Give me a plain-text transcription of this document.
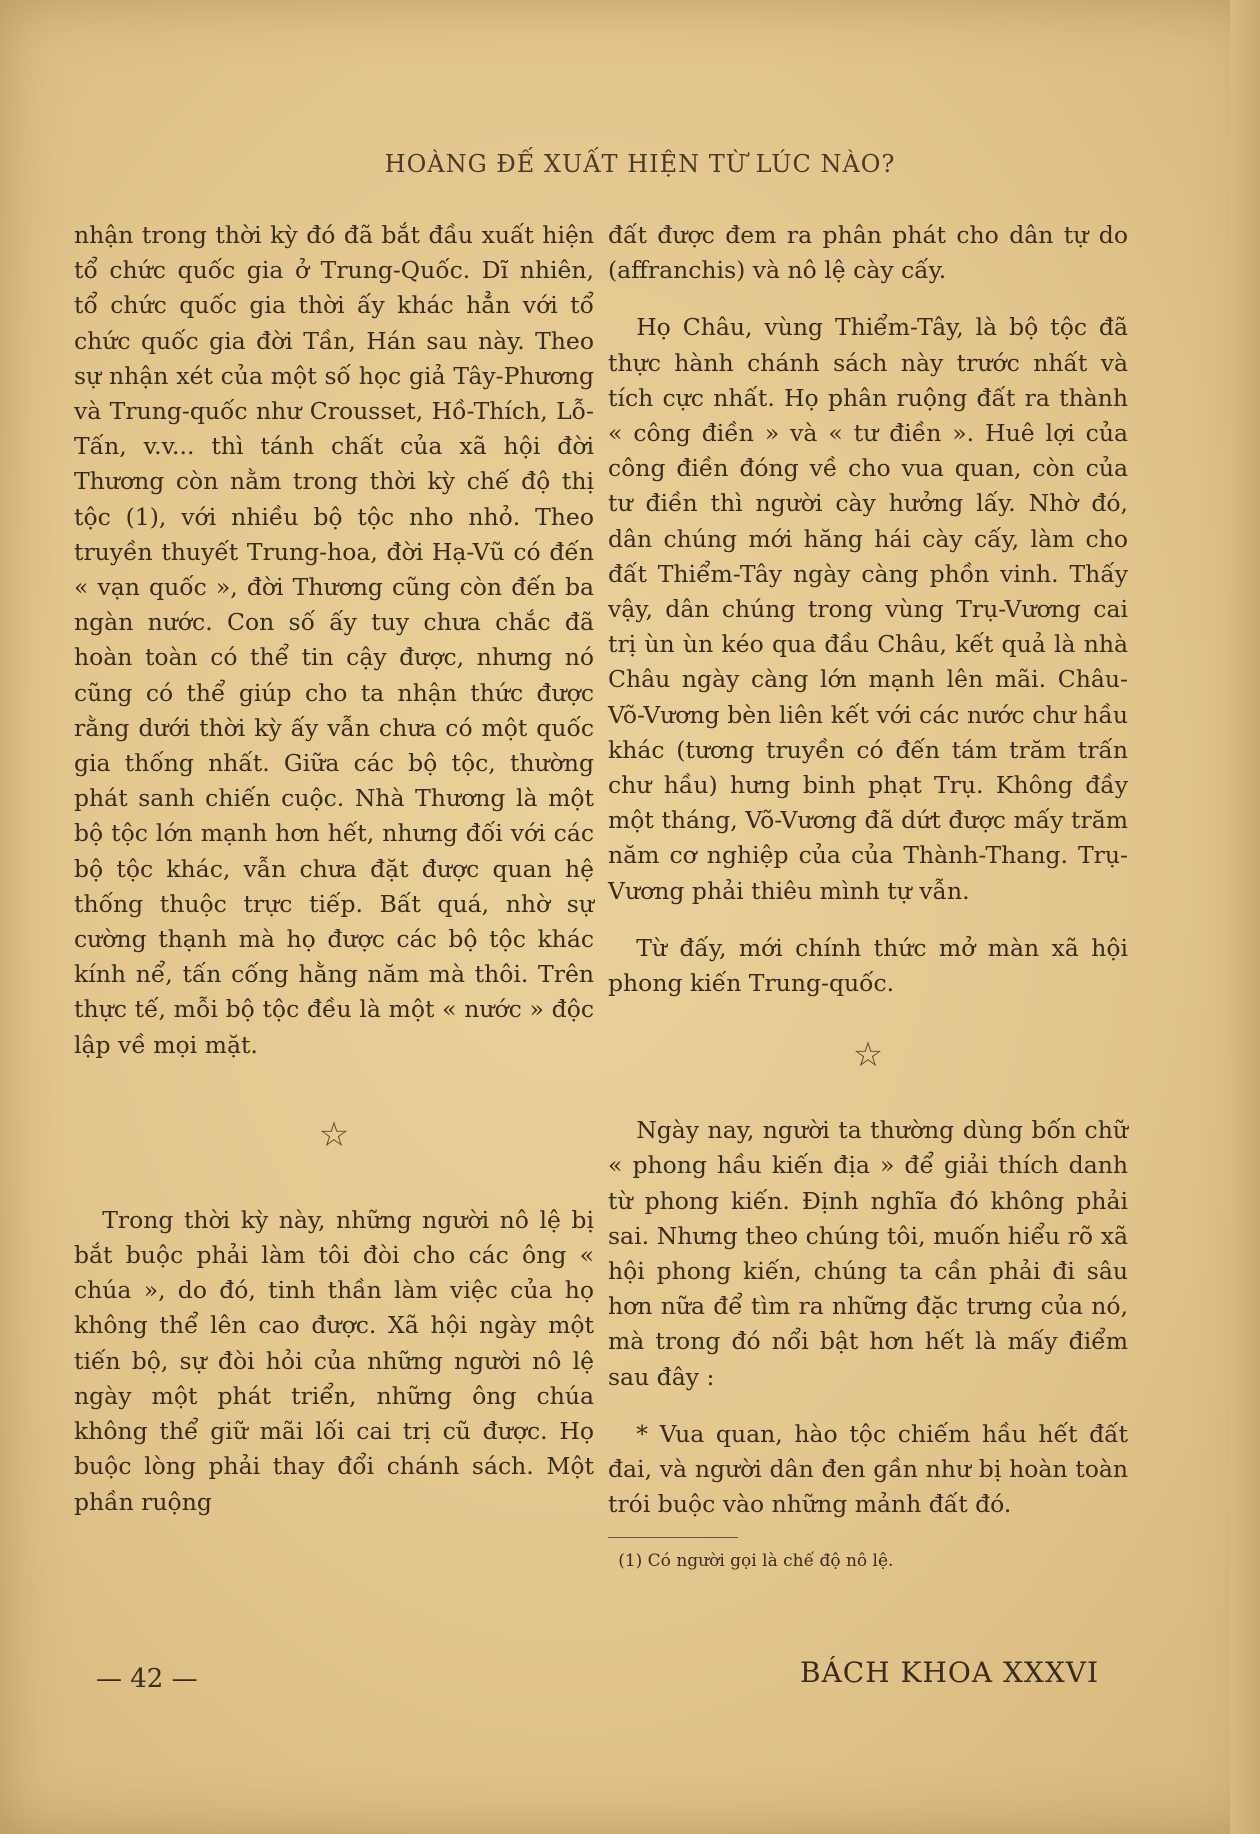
HOÀNG ĐẾ XUẤT HIỆN TỪ LÚC NÀO?

nhận trong thời kỳ đó đã bắt đầu xuất hiện tổ chức quốc gia ở Trung-Quốc. Dĩ nhiên, tổ chức quốc gia thời ấy khác hẳn với tổ chức quốc gia đời Tần, Hán sau này. Theo sự nhận xét của một số học giả Tây-Phương và Trung-quốc như Crousset, Hồ-Thích, Lỗ-Tấn, v.v... thì tánh chất của xã hội đời Thương còn nằm trong thời kỳ chế độ thị tộc (1), với nhiều bộ tộc nho nhỏ. Theo truyền thuyết Trung-hoa, đời Hạ-Vũ có đến « vạn quốc », đời Thương cũng còn đến ba ngàn nước. Con số ấy tuy chưa chắc đã hoàn toàn có thể tin cậy được, nhưng nó cũng có thể giúp cho ta nhận thức được rằng dưới thời kỳ ấy vẫn chưa có một quốc gia thống nhất. Giữa các bộ tộc, thường phát sanh chiến cuộc. Nhà Thương là một bộ tộc lớn mạnh hơn hết, nhưng đối với các bộ tộc khác, vẫn chưa đặt được quan hệ thống thuộc trực tiếp. Bất quá, nhờ sự cường thạnh mà họ được các bộ tộc khác kính nể, tấn cống hằng năm mà thôi. Trên thực tế, mỗi bộ tộc đều là một « nước » độc lập về mọi mặt.

☆

Trong thời kỳ này, những người nô lệ bị bắt buộc phải làm tôi đòi cho các ông « chúa », do đó, tinh thần làm việc của họ không thể lên cao được. Xã hội ngày một tiến bộ, sự đòi hỏi của những người nô lệ ngày một phát triển, những ông chúa không thể giữ mãi lối cai trị cũ được. Họ buộc lòng phải thay đổi chánh sách. Một phần ruộng

đất được đem ra phân phát cho dân tự do (affranchis) và nô lệ cày cấy.

Họ Châu, vùng Thiểm-Tây, là bộ tộc đã thực hành chánh sách này trước nhất và tích cực nhất. Họ phân ruộng đất ra thành « công điền » và « tư điền ». Huê lợi của công điền đóng về cho vua quan, còn của tư điền thì người cày hưởng lấy. Nhờ đó, dân chúng mới hăng hái cày cấy, làm cho đất Thiểm-Tây ngày càng phồn vinh. Thấy vậy, dân chúng trong vùng Trụ-Vương cai trị ùn ùn kéo qua đầu Châu, kết quả là nhà Châu ngày càng lớn mạnh lên mãi. Châu-Võ-Vương bèn liên kết với các nước chư hầu khác (tương truyền có đến tám trăm trấn chư hầu) hưng binh phạt Trụ. Không đầy một tháng, Võ-Vương đã dứt được mấy trăm năm cơ nghiệp của của Thành-Thang. Trụ-Vương phải thiêu mình tự vẫn.

Từ đấy, mới chính thức mở màn xã hội phong kiến Trung-quốc.

☆

Ngày nay, người ta thường dùng bốn chữ « phong hầu kiến địa » để giải thích danh từ phong kiến. Định nghĩa đó không phải sai. Nhưng theo chúng tôi, muốn hiểu rõ xã hội phong kiến, chúng ta cần phải đi sâu hơn nữa để tìm ra những đặc trưng của nó, mà trong đó nổi bật hơn hết là mấy điểm sau đây :

* Vua quan, hào tộc chiếm hầu hết đất đai, và người dân đen gần như bị hoàn toàn trói buộc vào những mảnh đất đó.

(1) Có người gọi là chế độ nô lệ.

— 42 —	BÁCH KHOA XXXVI
